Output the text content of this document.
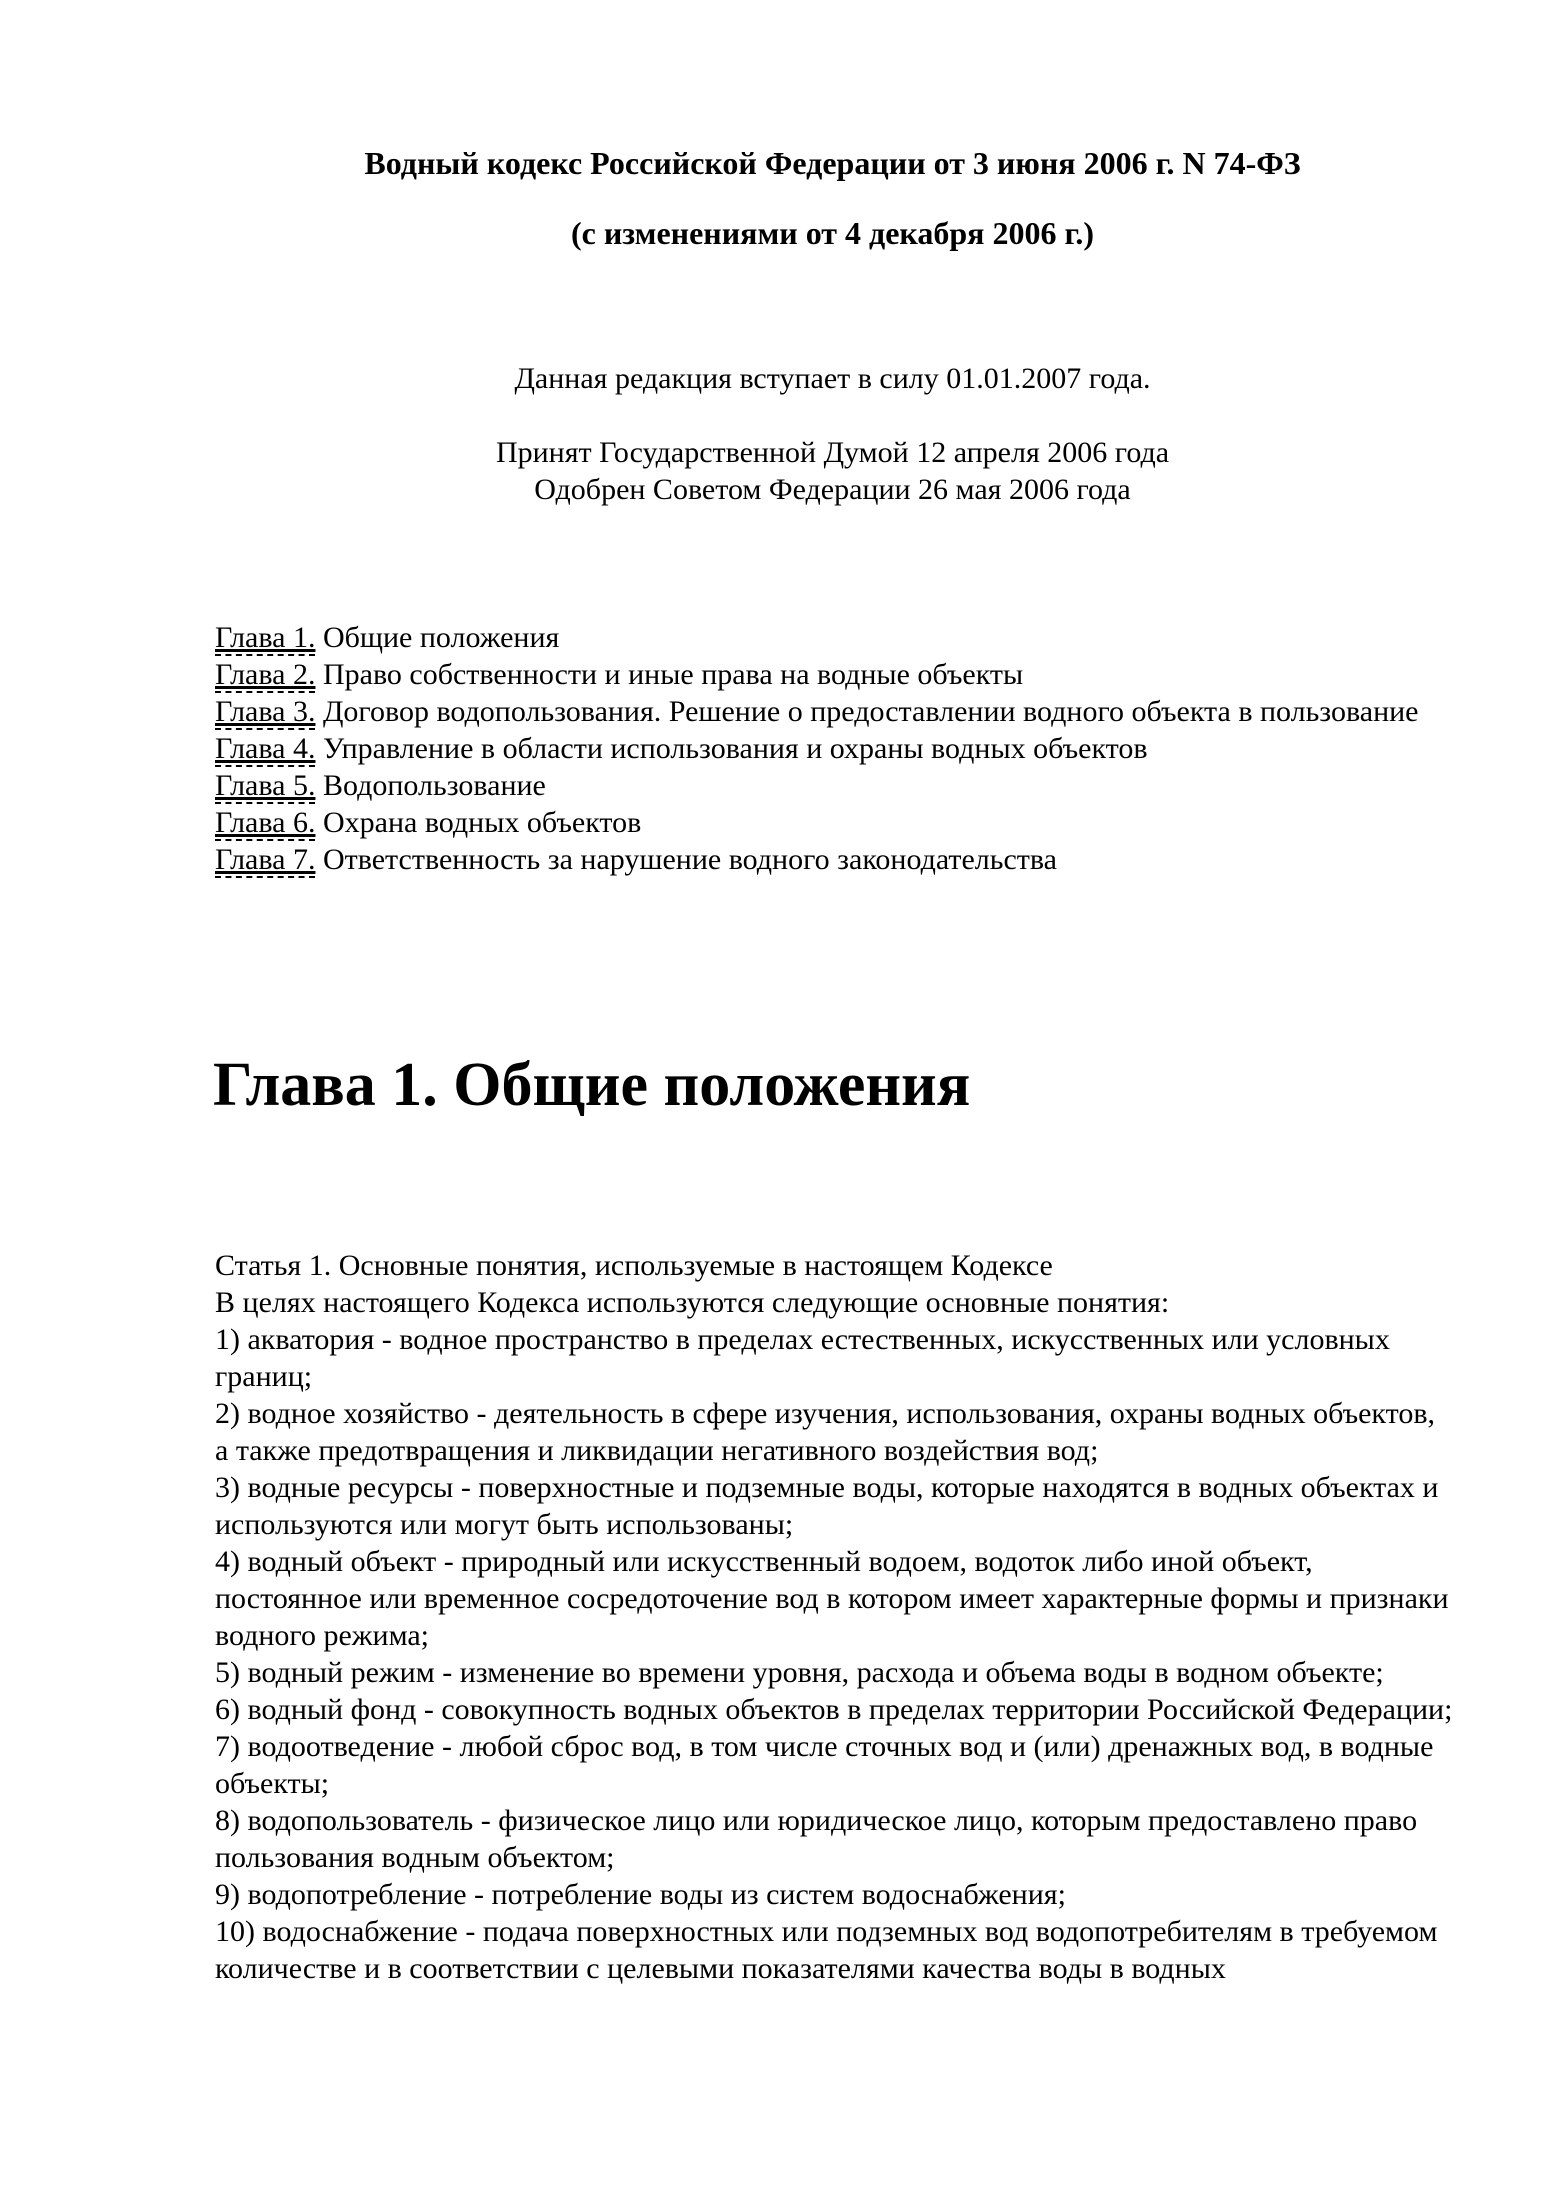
Водный кодекс Российской Федерации от 3 июня 2006 г. N 74-ФЗ
(с изменениями от 4 декабря 2006 г.)
Данная редакция вступает в силу 01.01.2007 года.
Принят Государственной Думой 12 апреля 2006 года
Одобрен Советом Федерации 26 мая 2006 года
Глава 1. Общие положения
Глава 2. Право собственности и иные права на водные объекты
Глава 3. Договор водопользования. Решение о предоставлении водного объекта в пользование
Глава 4. Управление в области использования и охраны водных объектов
Глава 5. Водопользование
Глава 6. Охрана водных объектов
Глава 7. Ответственность за нарушение водного законодательства
Глава 1. Общие положения
Статья 1. Основные понятия, используемые в настоящем Кодексе
В целях настоящего Кодекса используются следующие основные понятия:
1) акватория - водное пространство в пределах естественных, искусственных или условных границ;
2) водное хозяйство - деятельность в сфере изучения, использования, охраны водных объектов, а также предотвращения и ликвидации негативного воздействия вод;
3) водные ресурсы - поверхностные и подземные воды, которые находятся в водных объектах и используются или могут быть использованы;
4) водный объект - природный или искусственный водоем, водоток либо иной объект, постоянное или временное сосредоточение вод в котором имеет характерные формы и признаки водного режима;
5) водный режим - изменение во времени уровня, расхода и объема воды в водном объекте;
6) водный фонд - совокупность водных объектов в пределах территории Российской Федерации;
7) водоотведение - любой сброс вод, в том числе сточных вод и (или) дренажных вод, в водные объекты;
8) водопользователь - физическое лицо или юридическое лицо, которым предоставлено право пользования водным объектом;
9) водопотребление - потребление воды из систем водоснабжения;
10) водоснабжение - подача поверхностных или подземных вод водопотребителям в требуемом количестве и в соответствии с целевыми показателями качества воды в водных
